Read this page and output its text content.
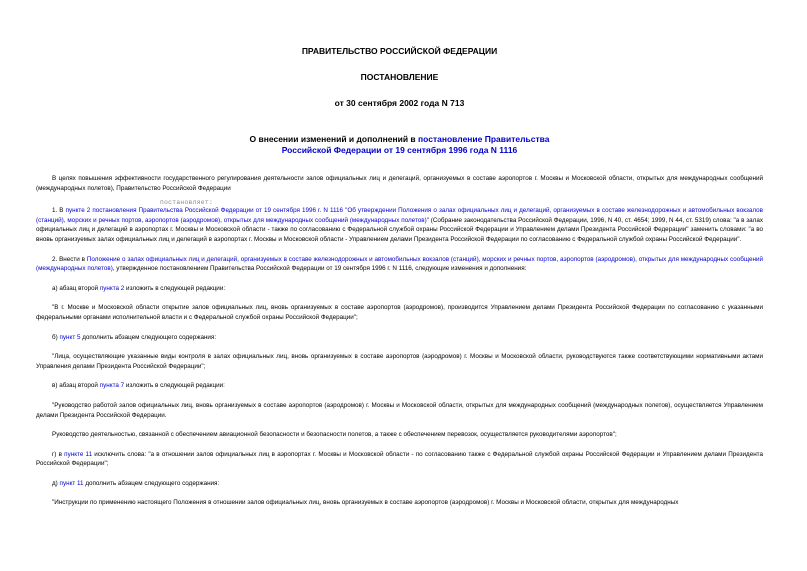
ПРАВИТЕЛЬСТВО РОССИЙСКОЙ ФЕДЕРАЦИИ
ПОСТАНОВЛЕНИЕ
от 30 сентября 2002 года N 713
О внесении изменений и дополнений в постановление Правительства
Российской Федерации от 19 сентября 1996 года N 1116

В целях повышения эффективности государственного регулирования деятельности залов официальных лиц и делегаций, организуемых в составе аэропортов г. Москвы и Московской области, открытых для международных сообщений (международных полетов), Правительство Российской Федерации

постановляет:

1. В пункте 2 постановления Правительства Российской Федерации от 19 сентября 1996 г. N 1116 "Об утверждении Положения о залах официальных лиц и делегаций, организуемых в составе железнодорожных и автомобильных вокзалов (станций), морских и речных портов, аэропортов (аэродромов), открытых для международных сообщений (международных полетов)" (Собрание законодательства Российской Федерации, 1996, N 40, ст. 4654; 1999, N 44, ст. 5319) слова: "а в залах официальных лиц и делегаций в аэропортах г. Москвы и Московской области - также по согласованию с Федеральной службой охраны Российской Федерации и Управлением делами Президента Российской Федерации" заменить словами: "а во вновь организуемых залах официальных лиц и делегаций в аэропортах г. Москвы и Московской области - Управлением делами Президента Российской Федерации по согласованию с Федеральной службой охраны Российской Федерации".

2. Внести в Положение о залах официальных лиц и делегаций, организуемых в составе железнодорожных и автомобильных вокзалов (станций), морских и речных портов, аэропортов (аэродромов), открытых для международных сообщений (международных полетов), утвержденное постановлением Правительства Российской Федерации от 19 сентября 1996 г. N 1116, следующие изменения и дополнения:

а) абзац второй пункта 2 изложить в следующей редакции:

"В г. Москве и Московской области открытие залов официальных лиц, вновь организуемых в составе аэропортов (аэродромов), производится Управлением делами Президента Российской Федерации по согласованию с указанными федеральными органами исполнительной власти и с Федеральной службой охраны Российской Федерации";

б) пункт 5 дополнить абзацем следующего содержания:

"Лица, осуществляющие указанные виды контроля в залах официальных лиц, вновь организуемых в составе аэропортов (аэродромов) г. Москвы и Московской области, руководствуются также соответствующими нормативными актами Управления делами Президента Российской Федерации";

в) абзац второй пункта 7 изложить в следующей редакции:

"Руководство работой залов официальных лиц, вновь организуемых в составе аэропортов (аэродромов) г. Москвы и Московской области, открытых для международных сообщений (международных полетов), осуществляется Управлением делами Президента Российской Федерации.

Руководство деятельностью, связанной с обеспечением авиационной безопасности и безопасности полетов, а также с обеспечением перевозок, осуществляется руководителями аэропортов";

г) в пункте 11 исключить слова: "а в отношении залов официальных лиц в аэропортах г. Москвы и Московской области - по согласованию также с Федеральной службой охраны Российской Федерации и Управлением делами Президента Российской Федерации";

д) пункт 11 дополнить абзацем следующего содержания:

"Инструкции по применению настоящего Положения в отношении залов официальных лиц, вновь организуемых в составе аэропортов (аэродромов) г. Москвы и Московской области, открытых для международных
